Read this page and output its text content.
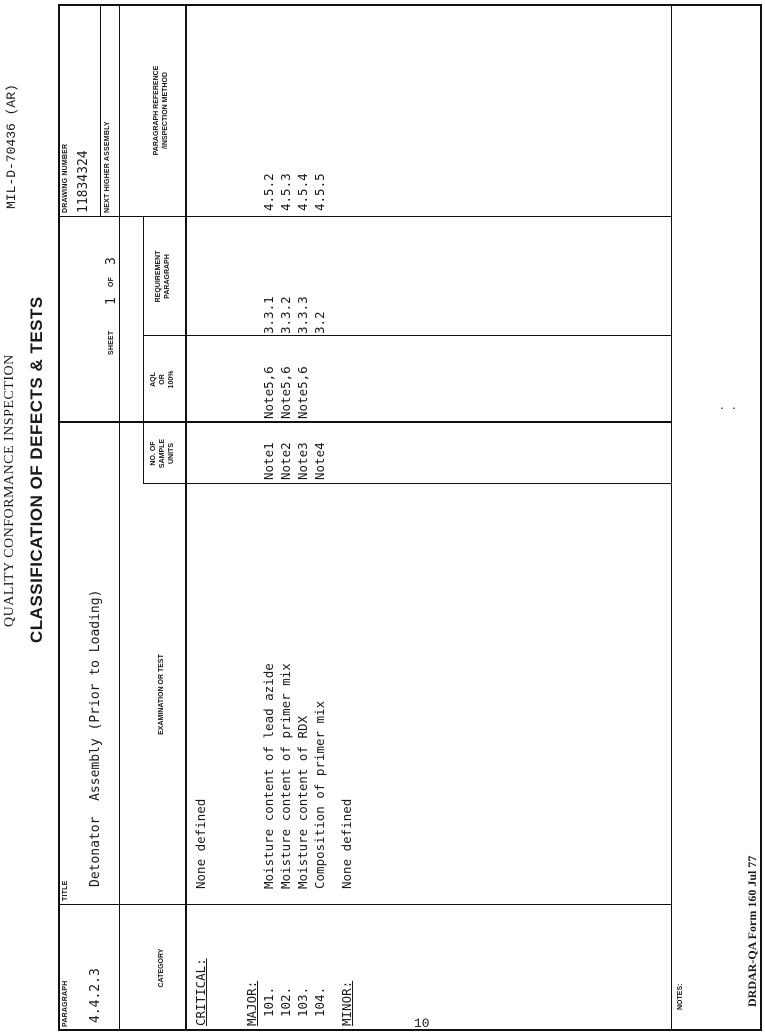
10
. .
QUALITY CONFORMANCE INSPECTION
MIL-D-70436 (AR)
CLASSIFICATION OF DEFECTS & TESTS
PARAGRAPH 4.4.2.3
TITLE
Detonator  Assembly (Prior to Loading)
SHEET
1
OF
3
DRAWING NUMBER 11834324 NEXT HIGHER ASSEMBLY
CATEGORY
EXAMINATION OR TEST
NO. OF SAMPLE UNITS
AQL OR 100%
REQUIREMENT PARAGRAPH
PARAGRAPH REFERENCE /INSPECTION METHOD
CRITICAL:
None defined
MAJOR: 101.
Moisture content of lead azide
Note1
Note5,6
3.3.1
4.5.2
102.
Moisture content of primer mix
Note2
Note5,6
3.3.2
4.5.3
103.
Moisture content of RDX
Note3
Note5,6
3.3.3
4.5.4
104.
Composition of primer mix
Note4
3.2
4.5.5
MINOR:
None defined
NOTES:	DRDAR-QA Form 160 Jul 77
